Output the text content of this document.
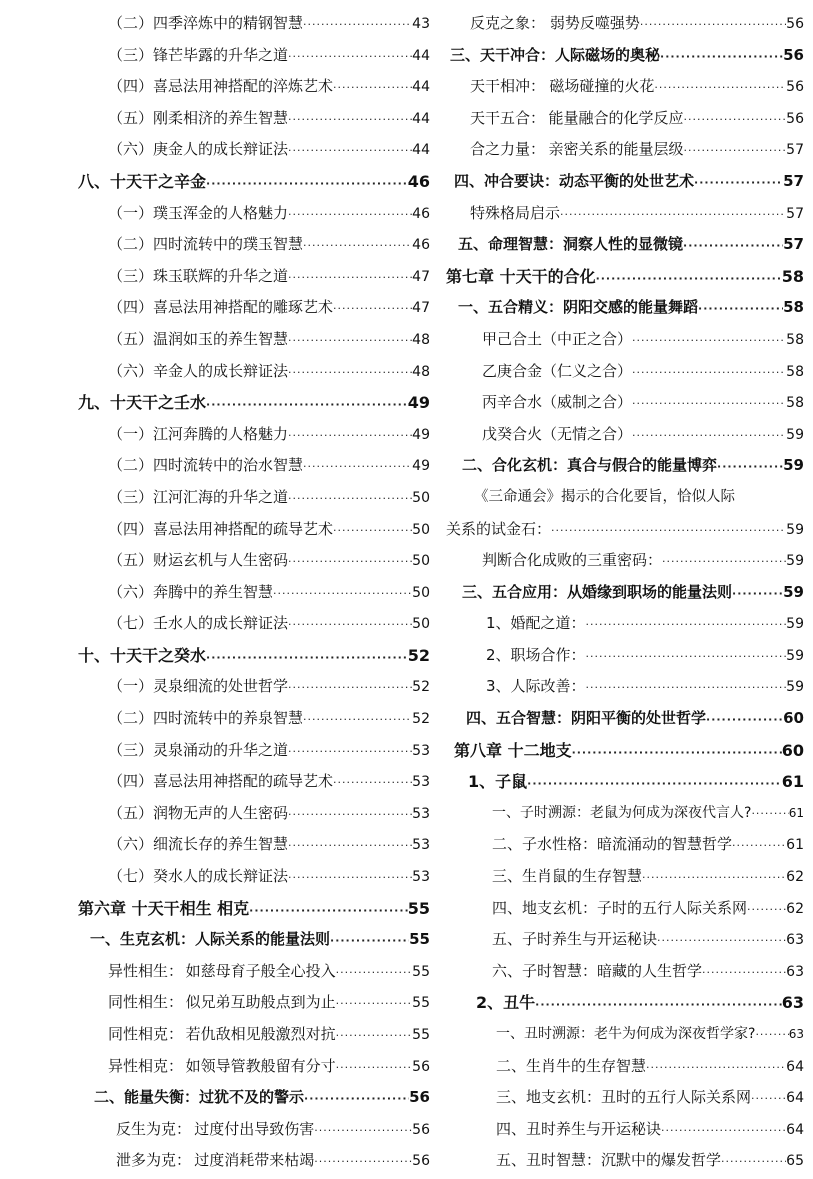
（二）四季淬炼中的精钢智慧 ·····	43
（三）锋芒毕露的升华之道 ·····	44
（四）喜忌法用神搭配的淬炼艺术 ·····	44
（五）刚柔相济的养生智慧 ·····	44
（六）庚金人的成长辩证法 ·····	44
八、十天干之辛金 ·····	46
（一）璞玉浑金的人格魅力 ·····	46
（二）四时流转中的璞玉智慧 ·····	46
（三）珠玉联辉的升华之道 ·····	47
（四）喜忌法用神搭配的雕琢艺术 ·····	47
（五）温润如玉的养生智慧 ·····	48
（六）辛金人的成长辩证法 ·····	48
九、十天干之壬水 ·····	49
（一）江河奔腾的人格魅力 ·····	49
（二）四时流转中的治水智慧 ·····	49
（三）江河汇海的升华之道 ·····	50
（四）喜忌法用神搭配的疏导艺术 ·····	50
（五）财运玄机与人生密码 ·····	50
（六）奔腾中的养生智慧 ·····	50
（七）壬水人的成长辩证法 ·····	50
十、十天干之癸水 ·····	52
（一）灵泉细流的处世哲学 ·····	52
（二）四时流转中的养泉智慧 ·····	52
（三）灵泉涌动的升华之道 ·····	53
（四）喜忌法用神搭配的疏导艺术 ·····	53
（五）润物无声的人生密码 ·····	53
（六）细流长存的养生智慧 ·····	53
（七）癸水人的成长辩证法 ·····	53
第六章 十天干相生 相克 ·····	55
一、生克玄机：人际关系的能量法则 ·····	55
异性相生： 如慈母育子般全心投入 ·····	55
同性相生： 似兄弟互助般点到为止 ·····	55
同性相克： 若仇敌相见般激烈对抗 ·····	55
异性相克： 如领导管教般留有分寸 ·····	56
二、能量失衡：过犹不及的警示 ·····	56
反生为克： 过度付出导致伤害 ·····	56
泄多为克： 过度消耗带来枯竭 ·····	56
反克之象： 弱势反噬强势 ·····	56
三、天干冲合：人际磁场的奥秘 ·····	56
天干相冲： 磁场碰撞的火花 ·····	56
天干五合： 能量融合的化学反应 ·····	56
合之力量： 亲密关系的能量层级 ·····	57
四、冲合要诀：动态平衡的处世艺术 ·····	57
特殊格局启示 ·····	57
五、命理智慧：洞察人性的显微镜 ·····	57
第七章 十天干的合化 ·····	58
一、五合精义：阴阳交感的能量舞蹈 ·····	58
甲己合土（中正之合） ·····	58
乙庚合金（仁义之合） ·····	58
丙辛合水（威制之合） ·····	58
戊癸合火（无情之合） ·····	59
二、合化玄机：真合与假合的能量博弈 ·····	59
《三命通会》揭示的合化要旨，恰似人际
关系的试金石： ·····	59
判断合化成败的三重密码： ·····	59
三、五合应用：从婚缘到职场的能量法则 ·····	59
1、婚配之道： ·····	59
2、职场合作： ·····	59
3、人际改善： ·····	59
四、五合智慧：阴阳平衡的处世哲学 ·····	60
第八章 十二地支 ·····	60
1、子鼠 ·····	61
一、子时溯源：老鼠为何成为深夜代言人? ·····	61
二、子水性格：暗流涌动的智慧哲学 ·····	61
三、生肖鼠的生存智慧 ·····	62
四、地支玄机：子时的五行人际关系网 ·····	62
五、子时养生与开运秘诀 ·····	63
六、子时智慧：暗藏的人生哲学 ·····	63
2、丑牛 ·····	63
一、丑时溯源：老牛为何成为深夜哲学家? ·····	63
二、生肖牛的生存智慧 ·····	64
三、地支玄机：丑时的五行人际关系网 ·····	64
四、丑时养生与开运秘诀 ·····	64
五、丑时智慧：沉默中的爆发哲学 ·····	65
